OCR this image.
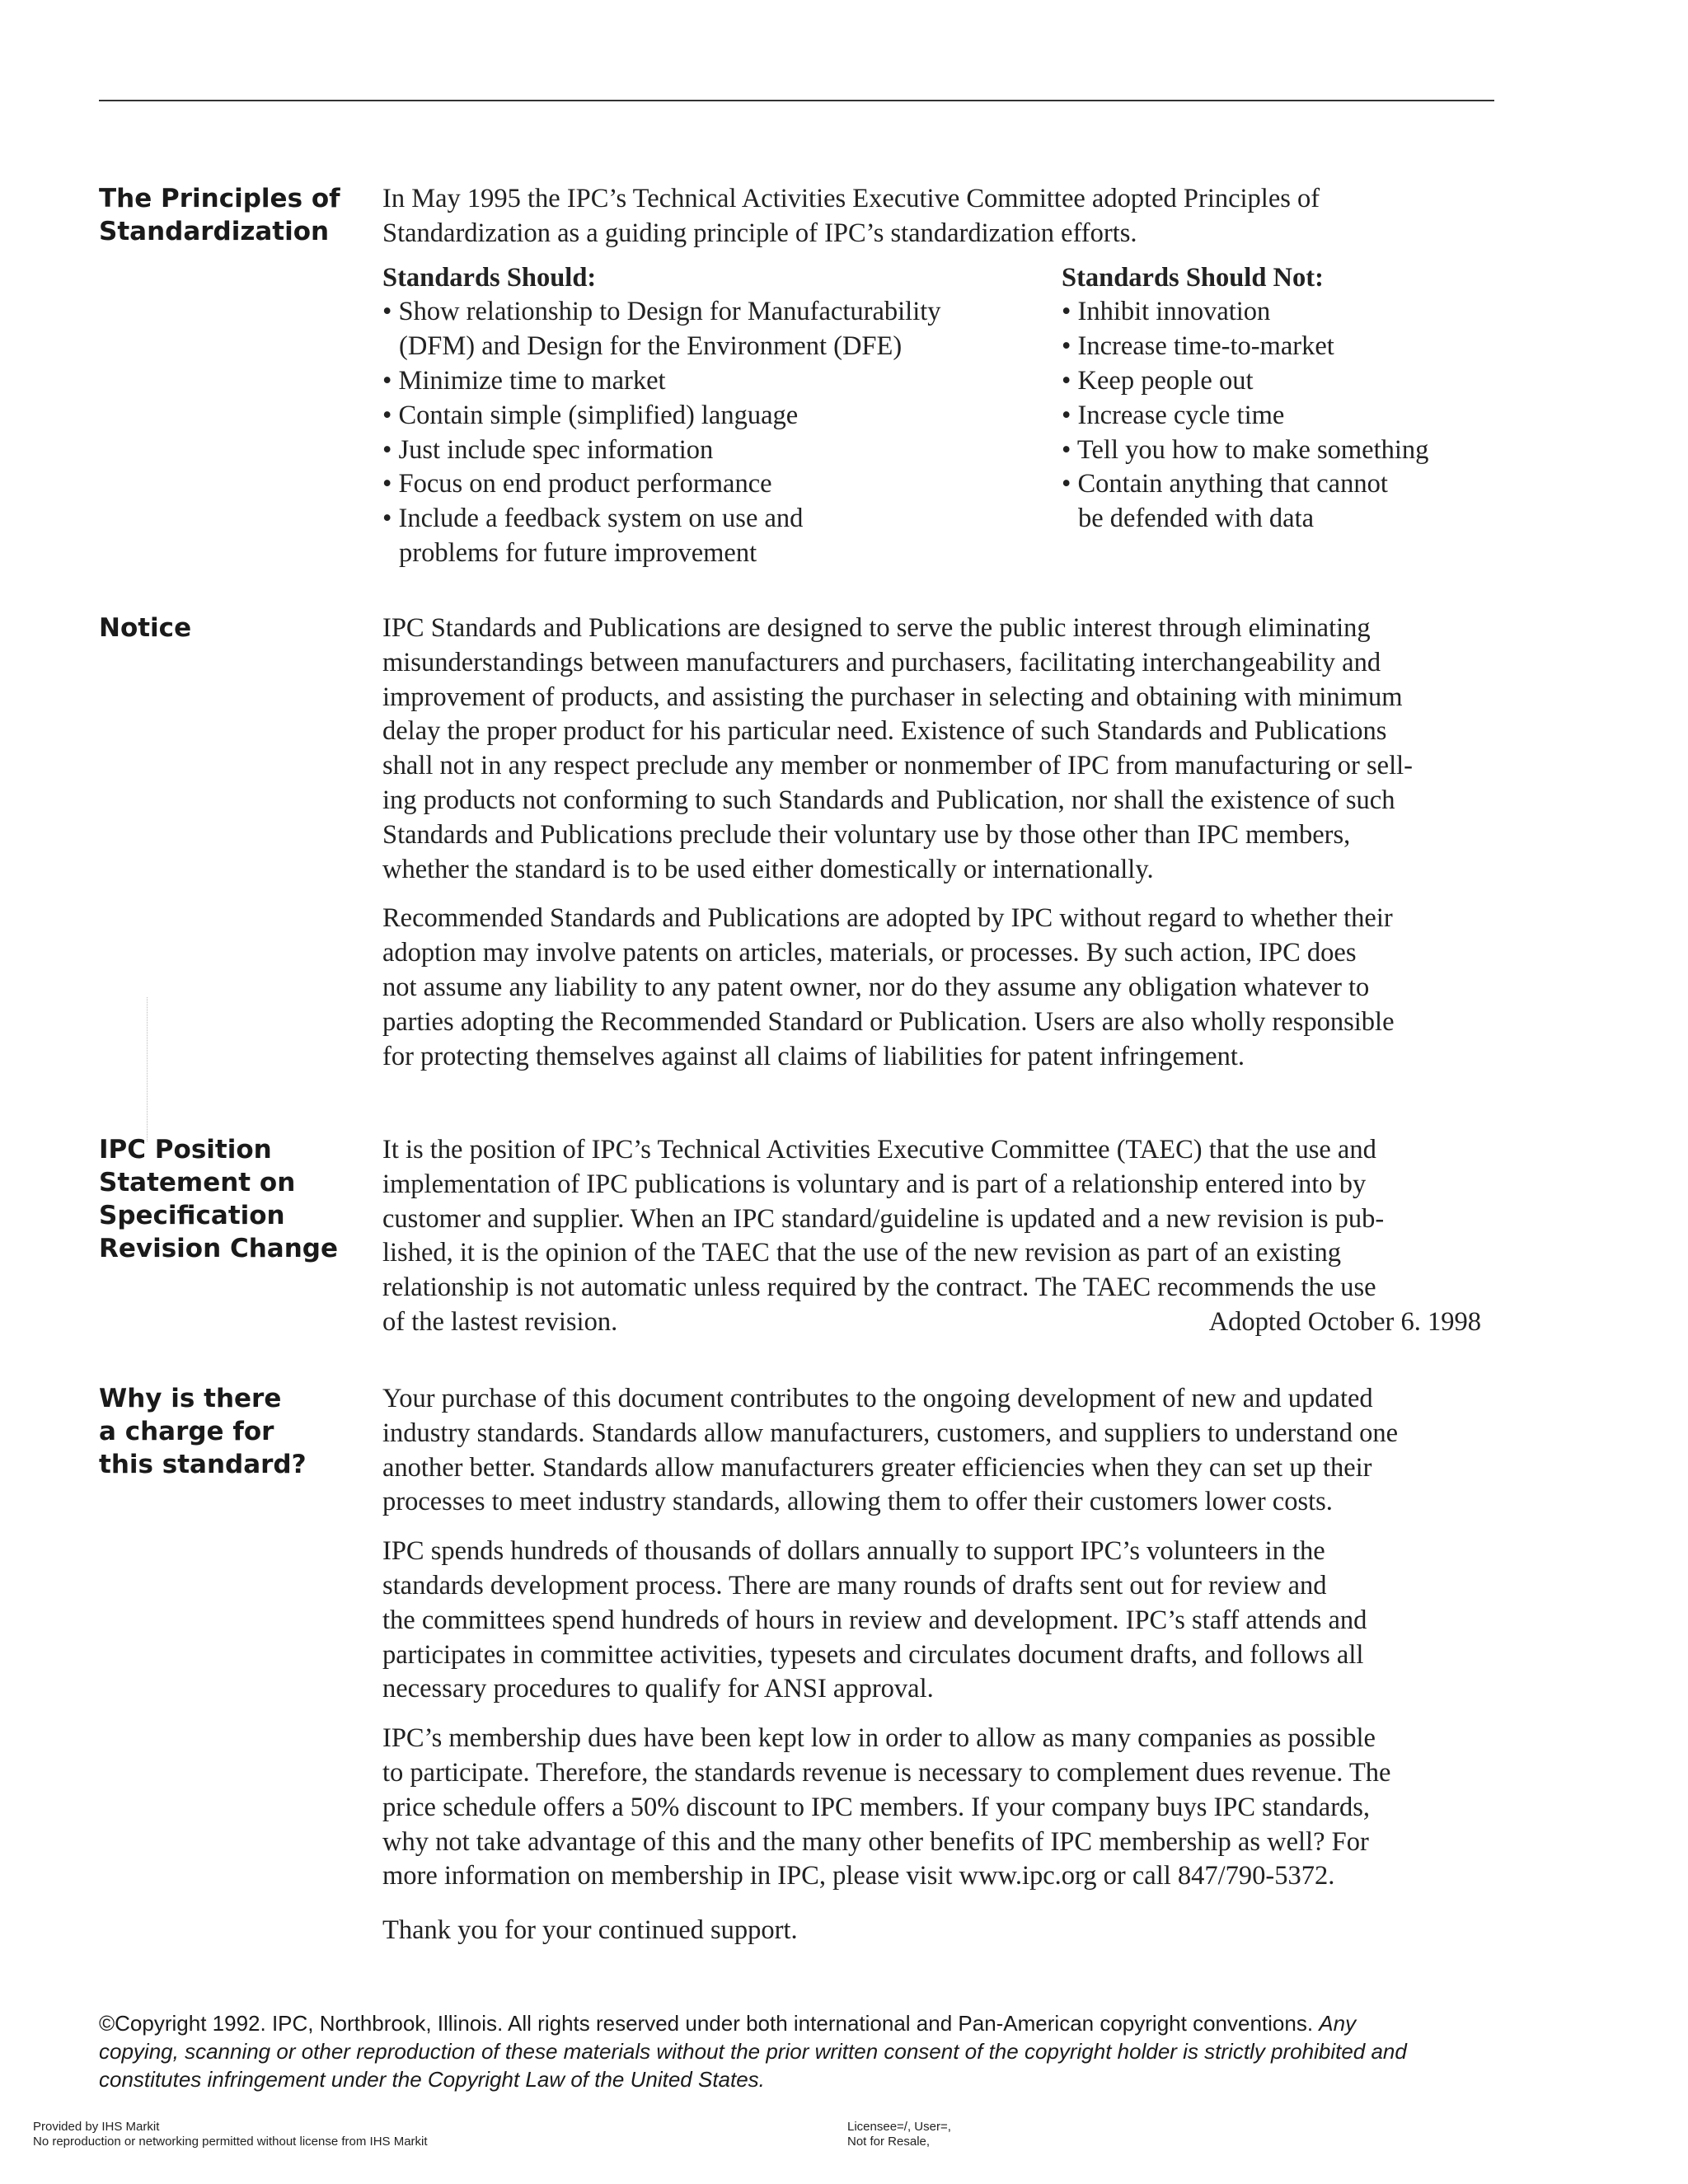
The Principles of
Standardization
In May 1995 the IPC’s Technical Activities Executive Committee adopted Principles of
Standardization as a guiding principle of IPC’s standardization efforts.
Standards Should:
• Show relationship to Design for Manufacturability
(DFM) and Design for the Environment (DFE)
• Minimize time to market
• Contain simple (simplified) language
• Just include spec information
• Focus on end product performance
• Include a feedback system on use and
problems for future improvement
Standards Should Not:
• Inhibit innovation
• Increase time-to-market
• Keep people out
• Increase cycle time
• Tell you how to make something
• Contain anything that cannot
be defended with data
Notice	IPC Standards and Publications are designed to serve the public interest through eliminating
misunderstandings between manufacturers and purchasers, facilitating interchangeability and
improvement of products, and assisting the purchaser in selecting and obtaining with minimum
delay the proper product for his particular need. Existence of such Standards and Publications
shall not in any respect preclude any member or nonmember of IPC from manufacturing or sell-
ing products not conforming to such Standards and Publication, nor shall the existence of such
Standards and Publications preclude their voluntary use by those other than IPC members,
whether the standard is to be used either domestically or internationally.
Recommended Standards and Publications are adopted by IPC without regard to whether their
adoption may involve patents on articles, materials, or processes. By such action, IPC does
not assume any liability to any patent owner, nor do they assume any obligation whatever to
parties adopting the Recommended Standard or Publication. Users are also wholly responsible
for protecting themselves against all claims of liabilities for patent infringement.
IPC Position
Statement on
Specification
Revision Change
It is the position of IPC’s Technical Activities Executive Committee (TAEC) that the use and
implementation of IPC publications is voluntary and is part of a relationship entered into by
customer and supplier. When an IPC standard/guideline is updated and a new revision is pub-
lished, it is the opinion of the TAEC that the use of the new revision as part of an existing
relationship is not automatic unless required by the contract. The TAEC recommends the use
of the lastest revision.	Adopted October 6. 1998
Why is there
a charge for
this standard?
Your purchase of this document contributes to the ongoing development of new and updated
industry standards. Standards allow manufacturers, customers, and suppliers to understand one
another better. Standards allow manufacturers greater efficiencies when they can set up their
processes to meet industry standards, allowing them to offer their customers lower costs.
IPC spends hundreds of thousands of dollars annually to support IPC’s volunteers in the
standards development process. There are many rounds of drafts sent out for review and
the committees spend hundreds of hours in review and development. IPC’s staff attends and
participates in committee activities, typesets and circulates document drafts, and follows all
necessary procedures to qualify for ANSI approval.
IPC’s membership dues have been kept low in order to allow as many companies as possible
to participate. Therefore, the standards revenue is necessary to complement dues revenue. The
price schedule offers a 50% discount to IPC members. If your company buys IPC standards,
why not take advantage of this and the many other benefits of IPC membership as well? For
more information on membership in IPC, please visit www.ipc.org or call 847/790-5372.
Thank you for your continued support.
©Copyright 1992. IPC, Northbrook, Illinois. All rights reserved under both international and Pan-American copyright conventions. Any
copying, scanning or other reproduction of these materials without the prior written consent of the copyright holder is strictly prohibited and
constitutes infringement under the Copyright Law of the United States.
Provided by IHS Markit
No reproduction or networking permitted without license from IHS Markit
Licensee=/, User=,
Not for Resale,
